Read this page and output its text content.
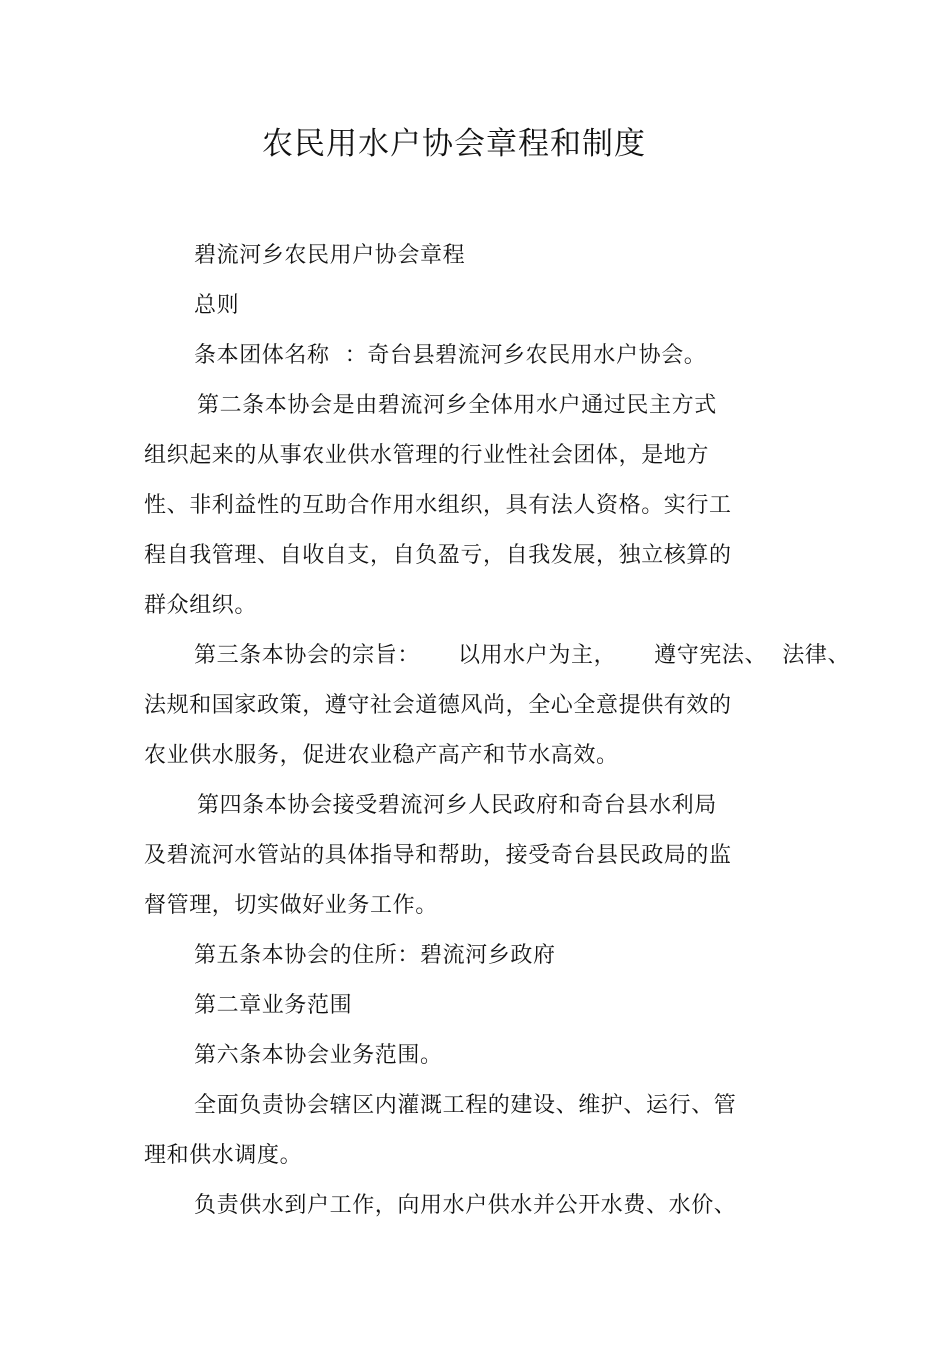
农民用水户协会章程和制度
碧流河乡农民用户协会章程
总则
条本团体名称  ：奇台县碧流河乡农民用水户协会。
第二条本协会是由碧流河乡全体用水户通过民主方式
组织起来的从事农业供水管理的行业性社会团体，是地方
性、非利益性的互助合作用水组织，具有法人资格。实行工
程自我管理、自收自支，自负盈亏，自我发展，独立核算的
群众组织。
第三条本协会的宗旨：     以用水户为主，     遵守宪法、  法律、
法规和国家政策，遵守社会道德风尚，全心全意提供有效的
农业供水服务，促进农业稳产高产和节水高效。
第四条本协会接受碧流河乡人民政府和奇台县水利局
及碧流河水管站的具体指导和帮助，接受奇台县民政局的监
督管理，切实做好业务工作。
第五条本协会的住所：碧流河乡政府
第二章业务范围
第六条本协会业务范围。
全面负责协会辖区内灌溉工程的建设、维护、运行、管
理和供水调度。
负责供水到户工作，向用水户供水并公开水费、水价、
